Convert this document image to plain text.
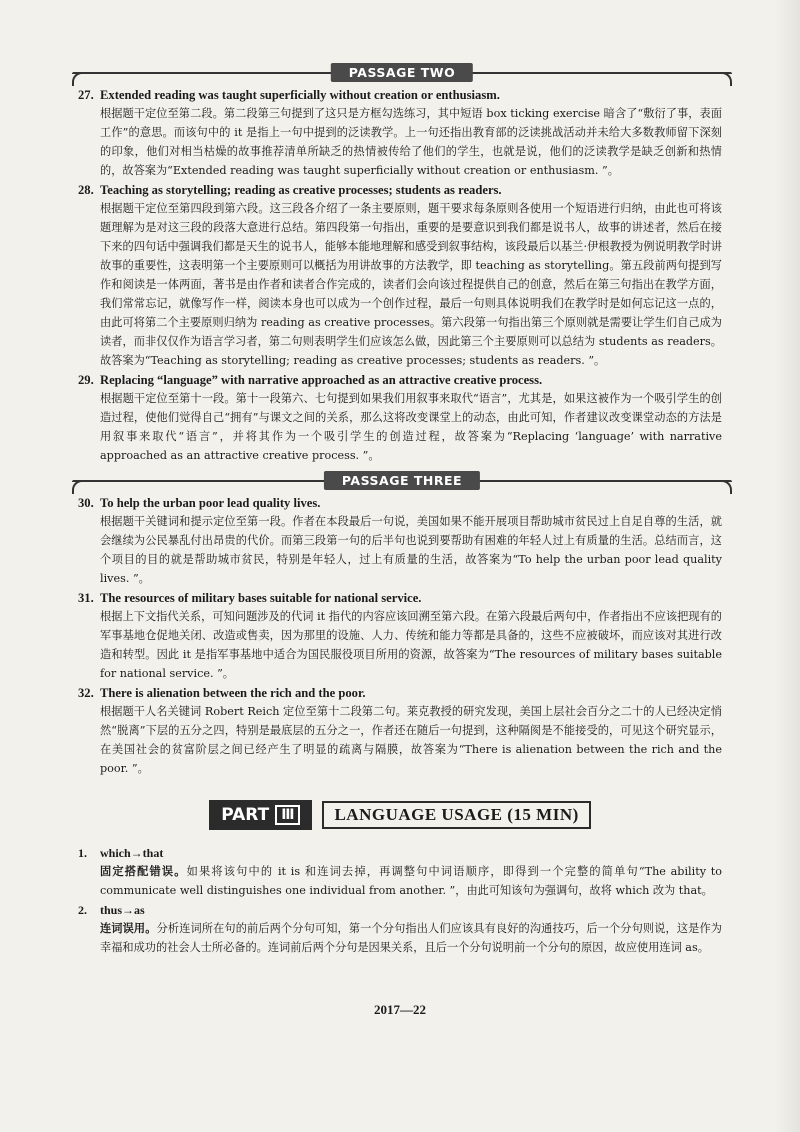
PASSAGE TWO
27. Extended reading was taught superficially without creation or enthusiasm.
根据题干定位至第二段。第二段第三句提到了这只是方框勾选练习，其中短语 box ticking exercise 暗含了“敷衍了事，表面工作”的意思。而该句中的 it 是指上一句中提到的泛读教学。上一句还指出教育部的泛读挑战活动并未给大多数教师留下深刻的印象，他们对相当枯燥的故事推荐清单所缺乏的热情被传给了他们的学生，也就是说，他们的泛读教学是缺乏创新和热情的，故答案为“Extended reading was taught superficially without creation or enthusiasm. ”。
28. Teaching as storytelling; reading as creative processes; students as readers.
根据题干定位至第四段到第六段。这三段各介绍了一条主要原则，题干要求每条原则各使用一个短语进行归纳，由此也可将该题理解为是对这三段的段落大意进行总结。第四段第一句指出，重要的是要意识到我们都是说书人，故事的讲述者，然后在接下来的四句话中强调我们都是天生的说书人，能够本能地理解和感受到叙事结构，该段最后以基兰·伊根教授为例说明教学时讲故事的重要性，这表明第一个主要原则可以概括为用讲故事的方法教学，即 teaching as storytelling。第五段前两句提到写作和阅读是一体两面，著书是由作者和读者合作完成的，读者们会向该过程提供自己的创意，然后在第三句指出在教学方面，我们常常忘记，就像写作一样，阅读本身也可以成为一个创作过程，最后一句则具体说明我们在教学时是如何忘记这一点的，由此可将第二个主要原则归纳为 reading as creative processes。第六段第一句指出第三个原则就是需要让学生们自己成为读者，而非仅仅作为语言学习者，第二句则表明学生们应该怎么做，因此第三个主要原则可以总结为 students as readers。故答案为“Teaching as storytelling; reading as creative processes; students as readers. ”。
29. Replacing “language” with narrative approached as an attractive creative process.
根据题干定位至第十一段。第十一段第六、七句提到如果我们用叙事来取代“语言”，尤其是，如果这被作为一个吸引学生的创造过程，使他们觉得自己“拥有”与课文之间的关系，那么这将改变课堂上的动态，由此可知，作者建议改变课堂动态的方法是用叙事来取代“语言”，并将其作为一个吸引学生的创造过程，故答案为“Replacing ‘language’ with narrative approached as an attractive creative process. ”。
PASSAGE THREE
30. To help the urban poor lead quality lives.
根据题干关键词和提示定位至第一段。作者在本段最后一句说，美国如果不能开展项目帮助城市贫民过上自足自尊的生活，就会继续为公民暴乱付出昂贵的代价。而第三段第一句的后半句也说到要帮助有困难的年轻人过上有质量的生活。总结而言，这个项目的目的就是帮助城市贫民，特别是年轻人，过上有质量的生活，故答案为“To help the urban poor lead quality lives. ”。
31. The resources of military bases suitable for national service.
根据上下文指代关系，可知问题涉及的代词 it 指代的内容应该回溯至第六段。在第六段最后两句中，作者指出不应该把现有的军事基地仓促地关闭、改造或售卖，因为那里的设施、人力、传统和能力等都是具备的，这些不应被破坏，而应该对其进行改造和转型。因此 it 是指军事基地中适合为国民服役项目所用的资源，故答案为“The resources of military bases suitable for national service. ”。
32. There is alienation between the rich and the poor.
根据题干人名关键词 Robert Reich 定位至第十二段第二句。莱克教授的研究发现，美国上层社会百分之二十的人已经决定悄然“脱离”下层的五分之四，特别是最底层的五分之一，作者还在随后一句提到，这种隔阂是不能接受的，可见这个研究显示，在美国社会的贫富阶层之间已经产生了明显的疏离与隔膜，故答案为“There is alienation between the rich and the poor. ”。
PART Ⅲ	LANGUAGE USAGE (15 MIN)
1.	which→that
固定搭配错误。如果将该句中的 it is 和连词去掉，再调整句中词语顺序，即得到一个完整的简单句“The ability to communicate well distinguishes one individual from another. ”，由此可知该句为强调句，故将 which 改为 that。
2.	thus→as
连词误用。分析连词所在句的前后两个分句可知，第一个分句指出人们应该具有良好的沟通技巧，后一个分句则说，这是作为幸福和成功的社会人士所必备的。连词前后两个分句是因果关系，且后一个分句说明前一个分句的原因，故应使用连词 as。
2017—22
